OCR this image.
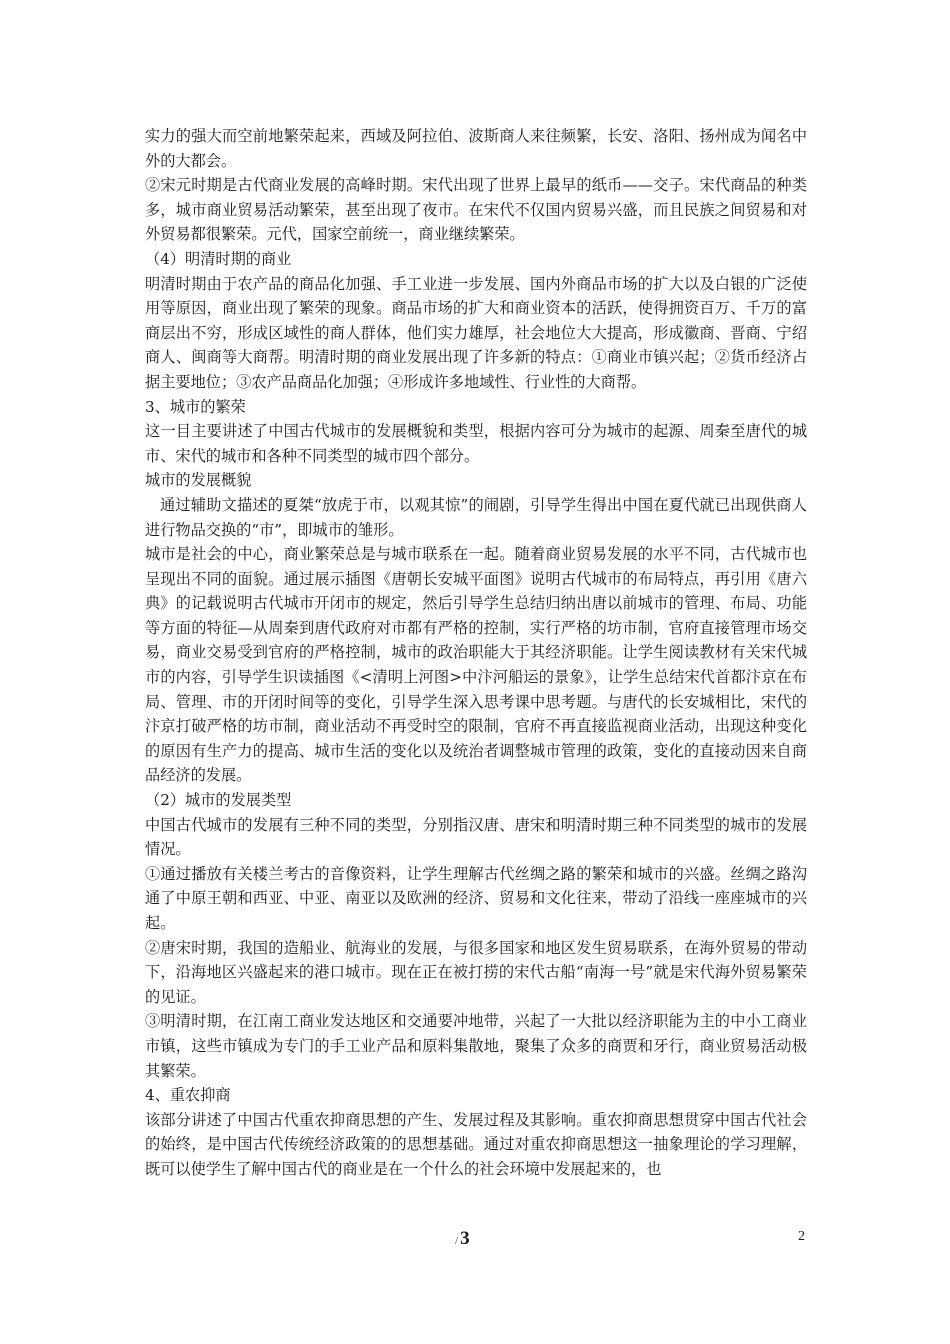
实力的强大而空前地繁荣起来，西域及阿拉伯、波斯商人来往频繁，长安、洛阳、扬州成为闻名中外的大都会。

②宋元时期是古代商业发展的高峰时期。宋代出现了世界上最早的纸币——交子。宋代商品的种类多，城市商业贸易活动繁荣，甚至出现了夜市。在宋代不仅国内贸易兴盛，而且民族之间贸易和对外贸易都很繁荣。元代，国家空前统一，商业继续繁荣。

（4）明清时期的商业

明清时期由于农产品的商品化加强、手工业进一步发展、国内外商品市场的扩大以及白银的广泛使用等原因，商业出现了繁荣的现象。商品市场的扩大和商业资本的活跃，使得拥资百万、千万的富商层出不穷，形成区域性的商人群体，他们实力雄厚，社会地位大大提高，形成徽商、晋商、宁绍商人、闽商等大商帮。明清时期的商业发展出现了许多新的特点：①商业市镇兴起；②货币经济占据主要地位；③农产品商品化加强；④形成许多地域性、行业性的大商帮。

3、城市的繁荣

这一目主要讲述了中国古代城市的发展概貌和类型，根据内容可分为城市的起源、周秦至唐代的城市、宋代的城市和各种不同类型的城市四个部分。

城市的发展概貌

通过辅助文描述的夏桀“放虎于市，以观其惊”的闹剧，引导学生得出中国在夏代就已出现供商人进行物品交换的“市”，即城市的雏形。

城市是社会的中心，商业繁荣总是与城市联系在一起。随着商业贸易发展的水平不同，古代城市也呈现出不同的面貌。通过展示插图《唐朝长安城平面图》说明古代城市的布局特点，再引用《唐六典》的记载说明古代城市开闭市的规定，然后引导学生总结归纳出唐以前城市的管理、布局、功能等方面的特征—从周秦到唐代政府对市都有严格的控制，实行严格的坊市制，官府直接管理市场交易，商业交易受到官府的严格控制，城市的政治职能大于其经济职能。让学生阅读教材有关宋代城市的内容，引导学生识读插图《<清明上河图>中汴河船运的景象》，让学生总结宋代首都汴京在布局、管理、市的开闭时间等的变化，引导学生深入思考课中思考题。与唐代的长安城相比，宋代的汴京打破严格的坊市制，商业活动不再受时空的限制，官府不再直接监视商业活动，出现这种变化的原因有生产力的提高、城市生活的变化以及统治者调整城市管理的政策，变化的直接动因来自商品经济的发展。

（2）城市的发展类型

中国古代城市的发展有三种不同的类型，分别指汉唐、唐宋和明清时期三种不同类型的城市的发展情况。

①通过播放有关楼兰考古的音像资料，让学生理解古代丝绸之路的繁荣和城市的兴盛。丝绸之路沟通了中原王朝和西亚、中亚、南亚以及欧洲的经济、贸易和文化往来，带动了沿线一座座城市的兴起。

②唐宋时期，我国的造船业、航海业的发展，与很多国家和地区发生贸易联系，在海外贸易的带动下，沿海地区兴盛起来的港口城市。现在正在被打捞的宋代古船“南海一号”就是宋代海外贸易繁荣的见证。

③明清时期，在江南工商业发达地区和交通要冲地带，兴起了一大批以经济职能为主的中小工商业市镇，这些市镇成为专门的手工业产品和原料集散地，聚集了众多的商贾和牙行，商业贸易活动极其繁荣。

4、重农抑商

该部分讲述了中国古代重农抑商思想的产生、发展过程及其影响。重农抑商思想贯穿中国古代社会的始终，是中国古代传统经济政策的的思想基础。通过对重农抑商思想这一抽象理论的学习理解，既可以使学生了解中国古代的商业是在一个什么的社会环境中发展起来的，也

/ 3	2
